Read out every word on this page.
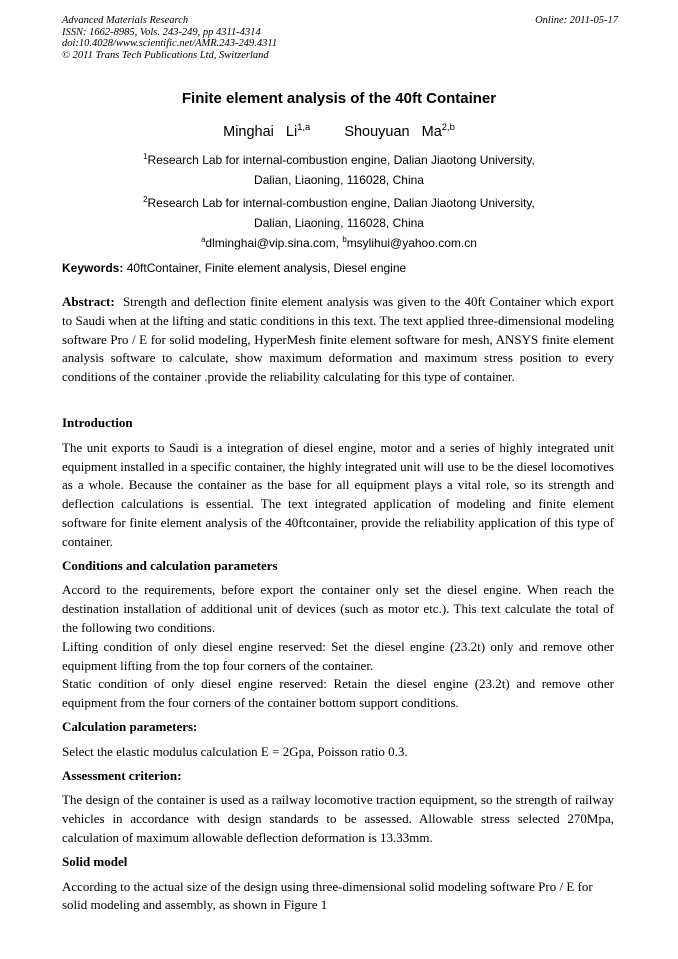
Advanced Materials Research
ISSN: 1662-8985, Vols. 243-249, pp 4311-4314
doi:10.4028/www.scientific.net/AMR.243-249.4311
© 2011 Trans Tech Publications Ltd, Switzerland
Online: 2011-05-17
Finite element analysis of the 40ft Container
Minghai Li$^{1,a}$ Shouyuan Ma$^{2,b}$
$^1$Research Lab for internal-combustion engine, Dalian Jiaotong University,
Dalian, Liaoning, 116028, China
$^2$Research Lab for internal-combustion engine, Dalian Jiaotong University,
Dalian, Liaoning, 116028, China
$^a$dlminghai@vip.sina.com, $^b$msylihui@yahoo.com.cn
Keywords: 40ftContainer, Finite element analysis, Diesel engine
Abstract: Strength and deflection finite element analysis was given to the 40ft Container which export to Saudi when at the lifting and static conditions in this text. The text applied three-dimensional modeling software Pro / E for solid modeling, HyperMesh finite element software for mesh, ANSYS finite element analysis software to calculate, show maximum deformation and maximum stress position to every conditions of the container .provide the reliability calculating for this type of container.
Introduction

The unit exports to Saudi is a integration of diesel engine, motor and a series of highly integrated unit equipment installed in a specific container, the highly integrated unit will use to be the diesel locomotives as a whole. Because the container as the base for all equipment plays a vital role, so its strength and deflection calculations is essential. The text integrated application of modeling and finite element software for finite element analysis of the 40ftcontainer, provide the reliability application of this type of container.

Conditions and calculation parameters

Accord to the requirements, before export the container only set the diesel engine. When reach the destination installation of additional unit of devices (such as motor etc.). This text calculate the total of the following two conditions.

Lifting condition of only diesel engine reserved: Set the diesel engine (23.2t) only and remove other equipment lifting from the top four corners of the container.

Static condition of only diesel engine reserved: Retain the diesel engine (23.2t) and remove other equipment from the four corners of the container bottom support conditions.

Calculation parameters:

Select the elastic modulus calculation E = 2Gpa, Poisson ratio 0.3.

Assessment criterion:

The design of the container is used as a railway locomotive traction equipment, so the strength of railway vehicles in accordance with design standards to be assessed. Allowable stress selected 270Mpa, calculation of maximum allowable deflection deformation is 13.33mm.

Solid model

According to the actual size of the design using three-dimensional solid modeling software Pro / E for solid modeling and assembly, as shown in Figure 1
